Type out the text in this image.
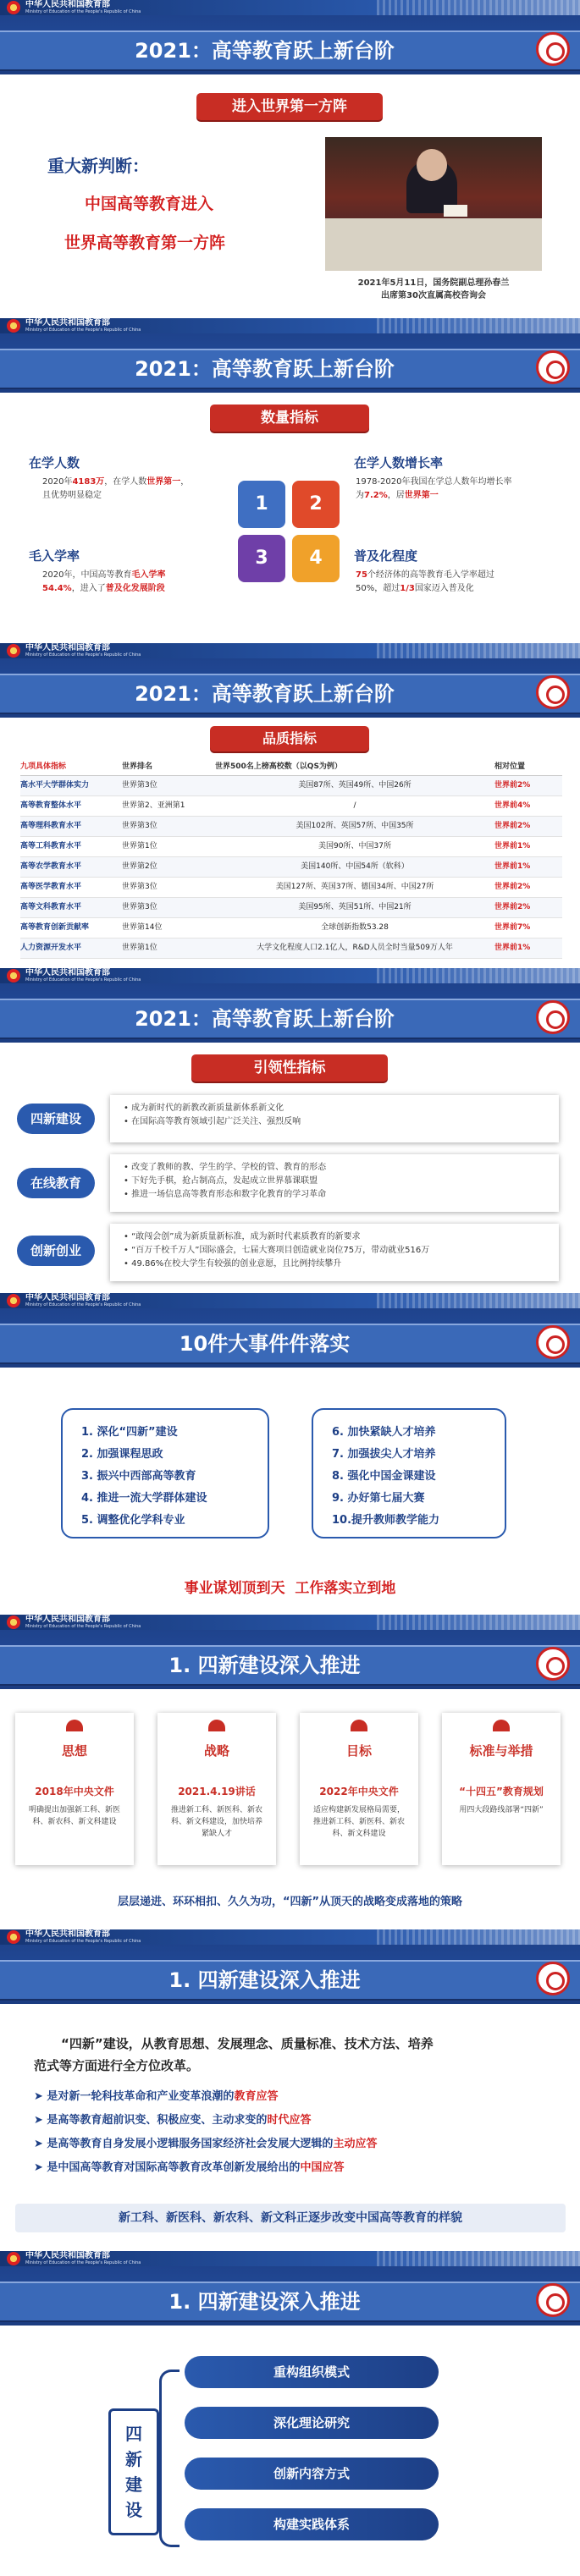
中华人民共和国教育部
Ministry of Education of the People's Republic of China
2021：高等教育跃上新台阶
进入世界第一方阵
重大新判断：
中国高等教育进入
世界高等教育第一方阵
2021年5月11日，国务院副总理孙春兰
出席第30次直属高校咨询会
中华人民共和国教育部
Ministry of Education of the People's Republic of China
2021：高等教育跃上新台阶
数量指标
在学人数
2020年4183万，在学人数世界第一，
且优势明显稳定
在学人数增长率
1978-2020年我国在学总人数年均增长率
为7.2%，居世界第一
毛入学率
2020年，中国高等教育毛入学率
54.4%，进入了普及化发展阶段
普及化程度
75个经济体的高等教育毛入学率超过
50%，超过1/3国家迈入普及化
1	2
3	4
中华人民共和国教育部
Ministry of Education of the People's Republic of China
2021：高等教育跃上新台阶
品质指标
九项具体指标	世界排名	世界500名上榜高校数（以QS为例）	相对位置
高水平大学群体实力	世界第3位	美国87所、英国49所、中国26所	世界前2%
高等教育整体水平	世界第2、亚洲第1	/	世界前4%
高等理科教育水平	世界第3位	美国102所、英国57所、中国35所	世界前2%
高等工科教育水平	世界第1位	美国90所、中国37所	世界前1%
高等农学教育水平	世界第2位	美国140所、中国54所（软科）	世界前1%
高等医学教育水平	世界第3位	美国127所、英国37所、德国34所、中国27所	世界前2%
高等文科教育水平	世界第3位	美国95所、英国51所、中国21所	世界前2%
高等教育创新贡献率	世界第14位	全球创新指数53.28	世界前7%
人力资源开发水平	世界第1位	大学文化程度人口2.1亿人，R&D人员全时当量509万人年	世界前1%
中华人民共和国教育部
Ministry of Education of the People's Republic of China
2021：高等教育跃上新台阶
引领性指标
四新建设
• 成为新时代的新教改新质量新体系新文化
• 在国际高等教育领域引起广泛关注、强烈反响
在线教育
• 改变了教师的教、学生的学、学校的管、教育的形态
• 下好先手棋，抢占制高点，发起成立世界慕课联盟
• 推进一场信息高等教育形态和数字化教育的学习革命
创新创业
• “敢闯会创”成为新质量新标准，成为新时代素质教育的新要求
• “百万千校千万人”国际盛会，七届大赛项目创造就业岗位75万，带动就业516万
• 49.86%在校大学生有较强的创业意愿，且比例持续攀升
中华人民共和国教育部
Ministry of Education of the People's Republic of China
10件大事件件落实
1. 深化“四新”建设
2. 加强课程思政
3. 振兴中西部高等教育
4. 推进一流大学群体建设
5. 调整优化学科专业
6. 加快紧缺人才培养
7. 加强拔尖人才培养
8. 强化中国金课建设
9. 办好第七届大赛
10.提升教师教学能力
事业谋划顶到天  工作落实立到地
中华人民共和国教育部
Ministry of Education of the People's Republic of China
1. 四新建设深入推进
思想
2018年中央文件
明确提出加强新工科、新医科、新农科、新文科建设
战略
2021.4.19讲话
推进新工科、新医科、新农科、新文科建设，加快培养紧缺人才
目标
2022年中央文件
适应构建新发展格局需要，推进新工科、新医科、新农科、新文科建设
标准与举措
“十四五”教育规划
用四大段路线部署“四新”
层层递进、环环相扣、久久为功，“四新”从顶天的战略变成落地的策略
中华人民共和国教育部
Ministry of Education of the People's Republic of China
1. 四新建设深入推进
“四新”建设，从教育思想、发展理念、质量标准、技术方法、培养
范式等方面进行全方位改革。
➤ 是对新一轮科技革命和产业变革浪潮的教育应答
➤ 是高等教育超前识变、积极应变、主动求变的时代应答
➤ 是高等教育自身发展小逻辑服务国家经济社会发展大逻辑的主动应答
➤ 是中国高等教育对国际高等教育改革创新发展给出的中国应答
新工科、新医科、新农科、新文科正逐步改变中国高等教育的样貌
中华人民共和国教育部
Ministry of Education of the People's Republic of China
1. 四新建设深入推进
四新建设
重构组织模式
深化理论研究
创新内容方式
构建实践体系
